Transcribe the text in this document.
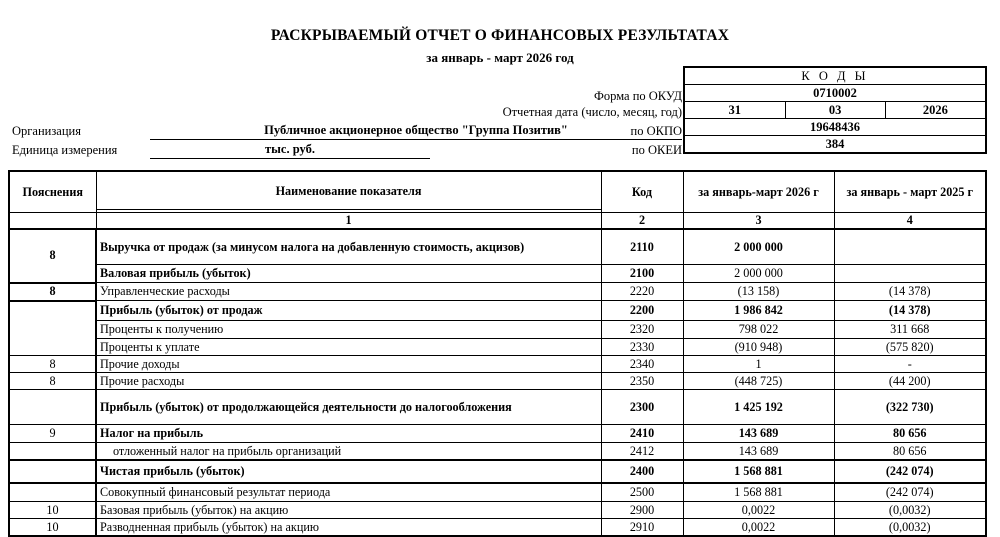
РАСКРЫВАЕМЫЙ ОТЧЕТ О ФИНАНСОВЫХ РЕЗУЛЬТАТАХ
за январь - март 2026 год
Форма по ОКУД
Отчетная дата (число, месяц, год)
по ОКПО
по ОКЕИ
К О Д Ы
0710002
31	03	2026
19648436
384
Организация	Публичное акционерное общество "Группа Позитив"
Единица измерения	тыс. руб.
Пояснения	Наименование показателя	Код	за январь-март 2026 г	за январь - март 2025 г

	1	2	3	4
8	Выручка от продаж (за минусом налога на добавленную стоимость, акцизов)	2110	2 000 000	
	Валовая прибыль (убыток)	2100	2 000 000	
8	Управленческие расходы	2220	(13 158)	(14 378)
	Прибыль (убыток) от продаж	2200	1 986 842	(14 378)
	Проценты к получению	2320	798 022	311 668
	Проценты к уплате	2330	(910 948)	(575 820)
8	Прочие доходы	2340	1	-
8	Прочие расходы	2350	(448 725)	(44 200)
	Прибыль (убыток) от продолжающейся деятельности до налогообложения	2300	1 425 192	(322 730)
9	Налог на прибыль	2410	143 689	80 656
	отложенный налог на прибыль организаций	2412	143 689	80 656
	Чистая прибыль (убыток)	2400	1 568 881	(242 074)
	Совокупный финансовый результат периода	2500	1 568 881	(242 074)
10	Базовая прибыль (убыток) на акцию	2900	0,0022	(0,0032)
10	Разводненная прибыль (убыток) на акцию	2910	0,0022	(0,0032)
